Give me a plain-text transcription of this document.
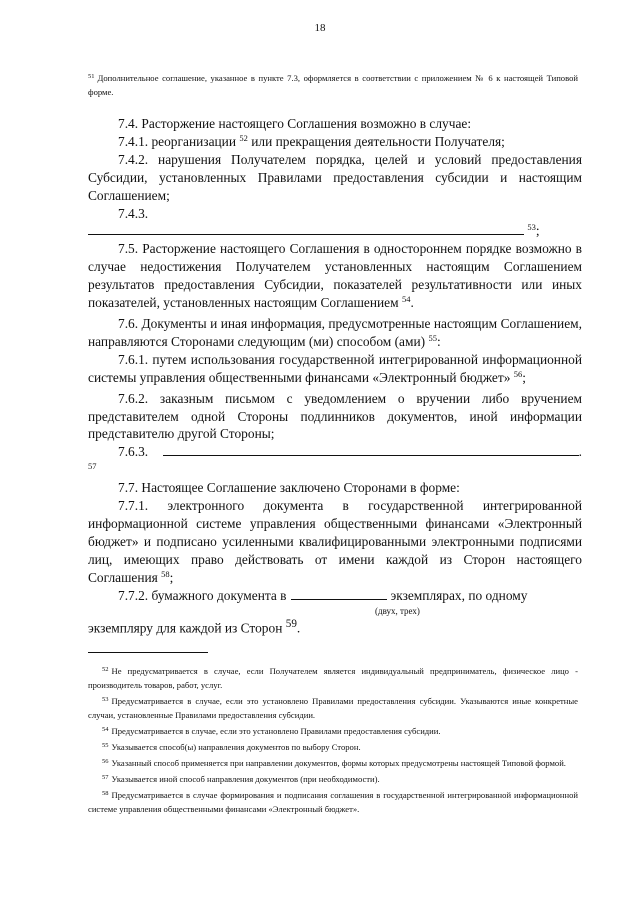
18
$^{51}$ Дополнительное соглашение, указанное в пункте 7.3, оформляется в соответствии с приложением № 6 к настоящей Типовой форме.

7.4. Расторжение настоящего Соглашения возможно в случае:

7.4.1. реорганизации $^{52}$ или прекращения деятельности Получателя;

7.4.2. нарушения Получателем порядка, целей и условий предоставления Субсидии, установленных Правилами предоставления субсидии и настоящим Соглашением;

7.4.3.  $^{53}$;

7.5. Расторжение настоящего Соглашения в одностороннем порядке возможно в случае недостижения Получателем установленных настоящим Соглашением результатов предоставления Субсидии, показателей результативности или иных показателей, установленных настоящим Соглашением $^{54}$.

7.6. Документы и иная информация, предусмотренные настоящим Соглашением, направляются Сторонами следующим (ми) способом (ами) $^{55}$:

7.6.1. путем использования государственной интегрированной информационной системы управления общественными финансами «Электронный бюджет» $^{56}$;

7.6.2. заказным письмом с уведомлением о вручении либо вручением представителем одной Стороны подлинников документов, иной информации представителю другой Стороны;

7.6.3.	. $^{57}$

7.7. Настоящее Соглашение заключено Сторонами в форме:

7.7.1. электронного документа в государственной интегрированной информационной системе управления общественными финансами «Электронный бюджет» и подписано усиленными квалифицированными электронными подписями лиц, имеющих право действовать от имени каждой из Сторон настоящего Соглашения $^{58}$;

7.7.2. бумажного документа в	экземплярах, по одному
(двух, трех)

экземпляру для каждой из Сторон $^{59}$.

$^{52}$ Не предусматривается в случае, если Получателем является индивидуальный предприниматель, физическое лицо - производитель товаров, работ, услуг.

$^{53}$ Предусматривается в случае, если это установлено Правилами предоставления субсидии. Указываются иные конкретные случаи, установленные Правилами предоставления субсидии.

$^{54}$ Предусматривается в случае, если это установлено Правилами предоставления субсидии.

$^{55}$ Указывается способ(ы) направления документов по выбору Сторон.

$^{56}$ Указанный способ применяется при направлении документов, формы которых предусмотрены настоящей Типовой формой.

$^{57}$ Указывается иной способ направления документов (при необходимости).

$^{58}$ Предусматривается в случае формирования и подписания соглашения в государственной интегрированной информационной системе управления общественными финансами «Электронный бюджет».
